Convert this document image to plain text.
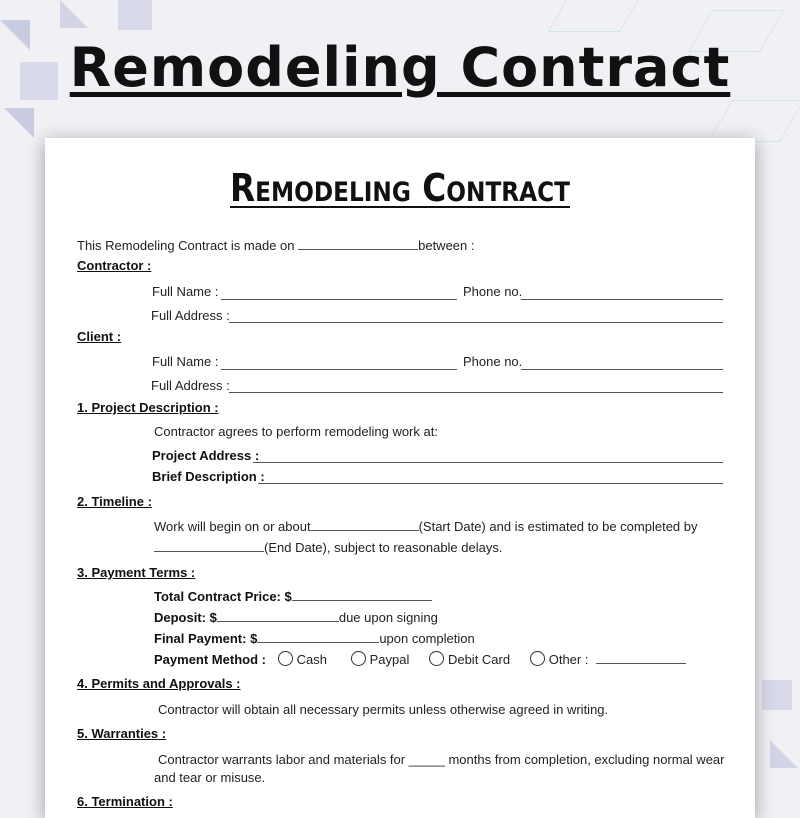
Remodeling Contract
Remodeling Contract
This Remodeling Contract is made on	between :
Contractor :
Full Name :	Phone no.
Full Address :
Client :
Full Name :	Phone no.
Full Address :
1. Project Description :
Contractor agrees to perform remodeling work at:
Project Address :
Brief Description :
2. Timeline :
Work will begin on or about	(Start Date) and is estimated to be completed by
(End Date), subject to reasonable delays.
3. Payment Terms :
Total Contract Price: $
Deposit: $	due upon signing
Final Payment: $	upon completion
Payment Method : Cash	Paypal	Debit Card	Other :
4. Permits and Approvals :
Contractor will obtain all necessary permits unless otherwise agreed in writing.
5. Warranties :
Contractor warrants labor and materials for _____ months from completion, excluding normal wear
and tear or misuse.
6. Termination :
